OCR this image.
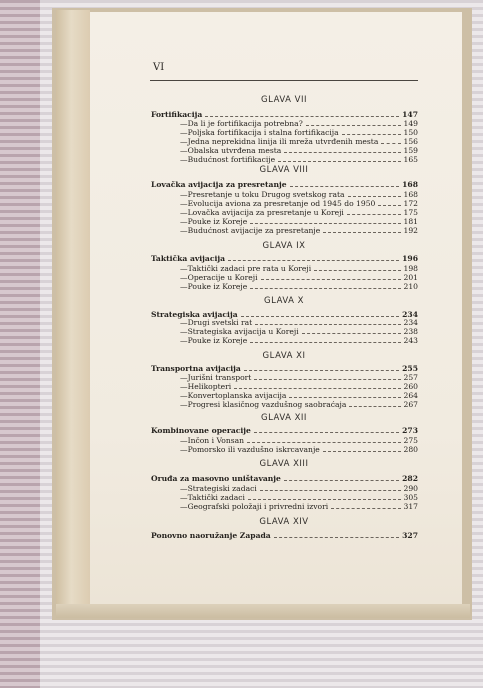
VI
GLAVA VII
Fortifikacija	147
— Da li je fortifikacija potrebna?	149
— Poljska fortifikacija i stalna fortifikacija	150
— Jedna neprekidna linija ili mreža utvrđenih mesta	156
— Obalska utvrđena mesta	159
— Budućnost fortifikacije	165
GLAVA VIII
Lovačka avijacija za presretanje	168
— Presretanje u toku Drugog svetskog rata	168
— Evolucija aviona za presretanje od 1945 do 1950	172
— Lovačka avijacija za presretanje u Koreji	175
— Pouke iz Koreje	181
— Budućnost avijacije za presretanje	192
GLAVA IX
Taktička avijacija	196
— Taktički zadaci pre rata u Koreji	198
— Operacije u Koreji	201
— Pouke iz Koreje	210
GLAVA X
Strategiska avijacija	234
— Drugi svetski rat	234
— Strategiska avijacija u Koreji	238
— Pouke iz Koreje	243
GLAVA XI
Transportna avijacija	255
— Jurišni transport	257
— Helikopteri	260
— Konvertoplanska avijacija	264
— Progresi klasičnog vazdušnog saobraćaja	267
GLAVA XII
Kombinovane operacije	273
— Inčon i Vonsan	275
— Pomorsko ili vazdušno iskrcavanje	280
GLAVA XIII
Oruđa za masovno uništavanje	282
— Strategiski zadaci	290
— Taktički zadaci	305
— Geografski položaji i privredni izvori	317
GLAVA XIV
Ponovno naoružanje Zapada	327
